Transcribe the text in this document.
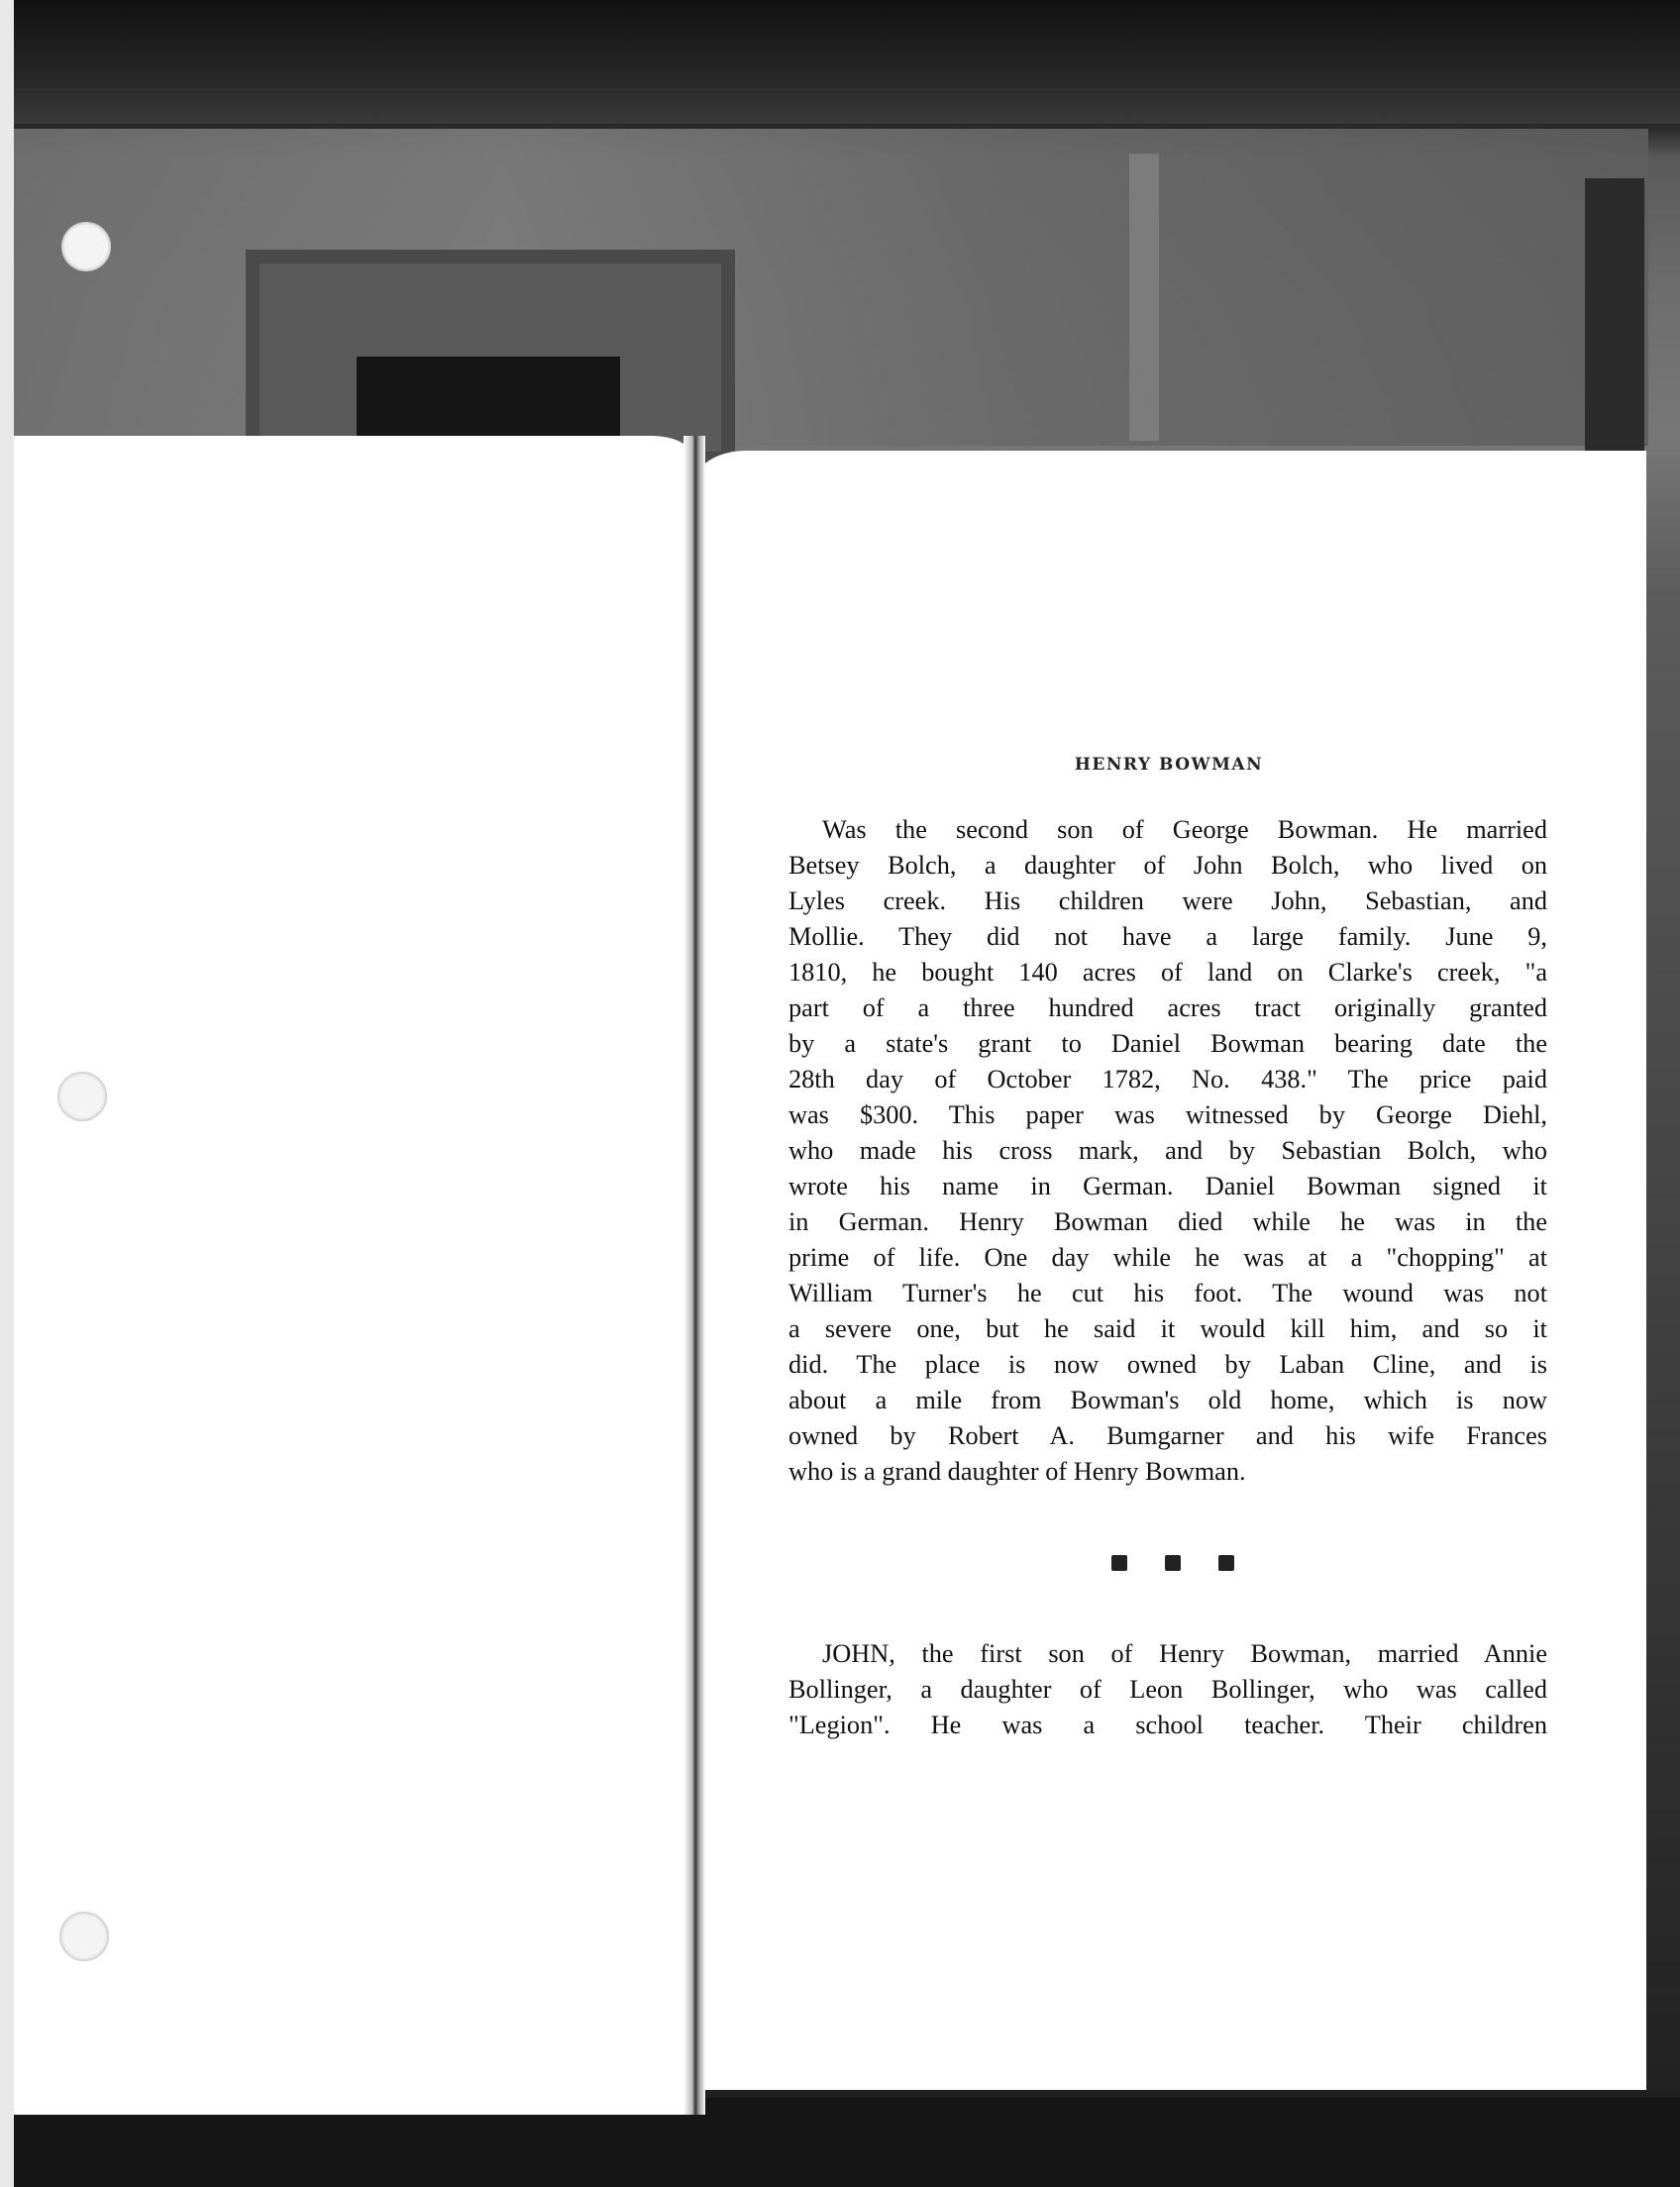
HENRY BOWMAN
Was the second son of George Bowman. He married
Betsey Bolch, a daughter of John Bolch, who lived on
Lyles creek. His children were John, Sebastian, and
Mollie. They did not have a large family. June 9,
1810, he bought 140 acres of land on Clarke's creek, "a
part of a three hundred acres tract originally granted
by a state's grant to Daniel Bowman bearing date the
28th day of October 1782, No. 438." The price paid
was $300. This paper was witnessed by George Diehl,
who made his cross mark, and by Sebastian Bolch, who
wrote his name in German. Daniel Bowman signed it
in German. Henry Bowman died while he was in the
prime of life. One day while he was at a "chopping" at
William Turner's he cut his foot. The wound was not
a severe one, but he said it would kill him, and so it
did. The place is now owned by Laban Cline, and is
about a mile from Bowman's old home, which is now
owned by Robert A. Bumgarner and his wife Frances
who is a grand daughter of Henry Bowman.
JOHN, the first son of Henry Bowman, married Annie
Bollinger, a daughter of Leon Bollinger, who was called
"Legion". He was a school teacher. Their children
